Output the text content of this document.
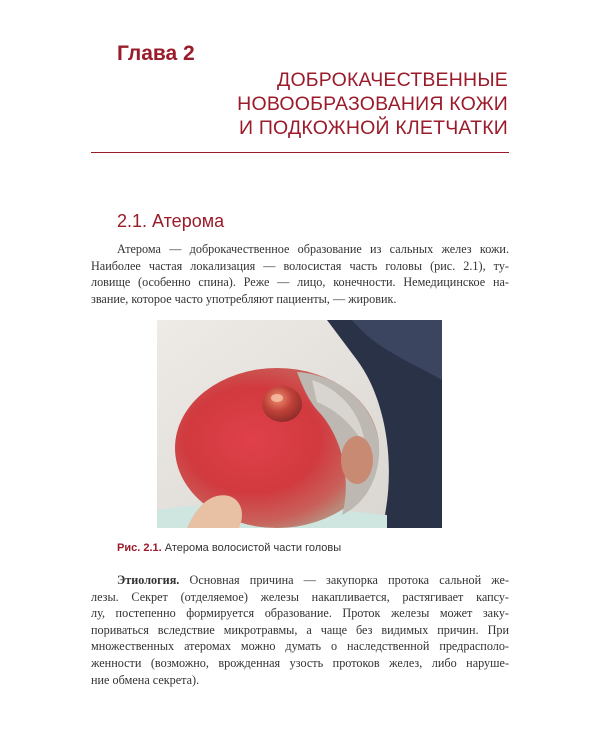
Глава 2
ДОБРОКАЧЕСТВЕННЫЕ
НОВООБРАЗОВАНИЯ КОЖИ
И ПОДКОЖНОЙ КЛЕТЧАТКИ
2.1. Атерома
Атерома — доброкачественное образование из сальных желез кожи.
Наиболее частая локализация — волосистая часть головы (рис. 2.1), ту-
ловище (особенно спина). Реже — лицо, конечности. Немедицинское на-
звание, которое часто употребляют пациенты, — жировик.
Рис. 2.1. Атерома волосистой части головы
Этиология. Основная причина — закупорка протока сальной же-
лезы. Секрет (отделяемое) железы накапливается, растягивает капсу-
лу, постепенно формируется образование. Проток железы может заку-
пориваться вследствие микротравмы, а чаще без видимых причин. При
множественных атеромах можно думать о наследственной предрасполо-
женности (возможно, врожденная узость протоков желез, либо наруше-
ние обмена секрета).
